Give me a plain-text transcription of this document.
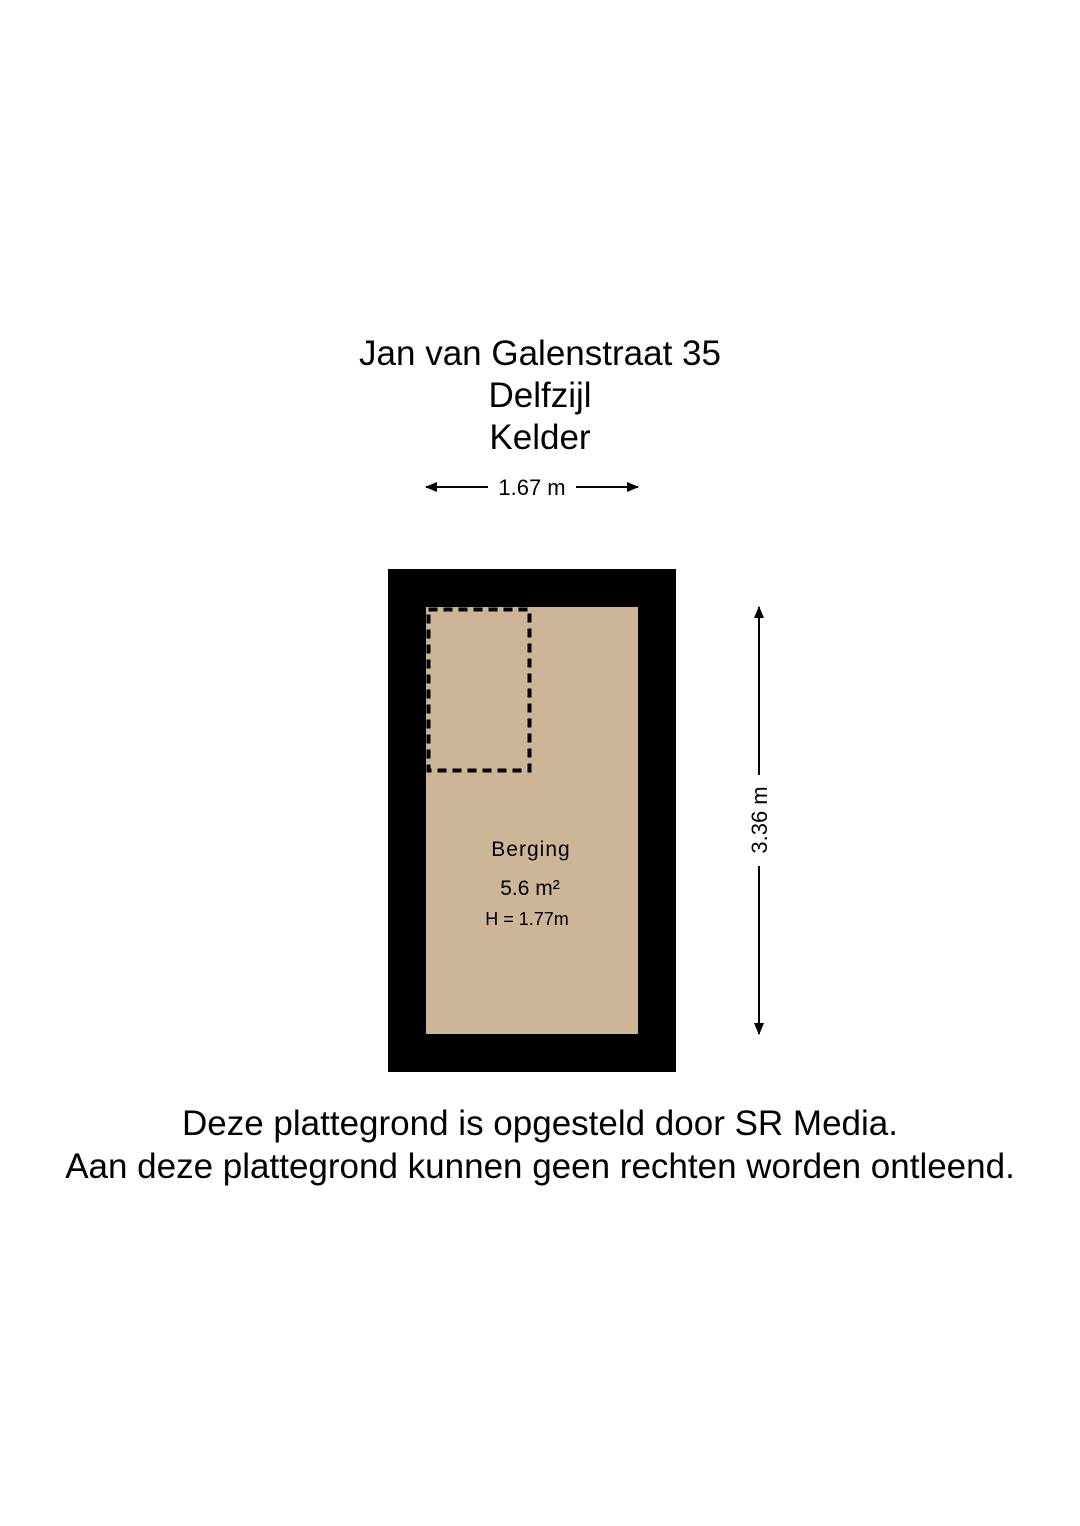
Jan van Galenstraat 35
Delfzijl
Kelder
1.67 m
Berging
5.6 m²
H = 1.77m
3.36 m
Deze plattegrond is opgesteld door SR Media.
Aan deze plattegrond kunnen geen rechten worden ontleend.
